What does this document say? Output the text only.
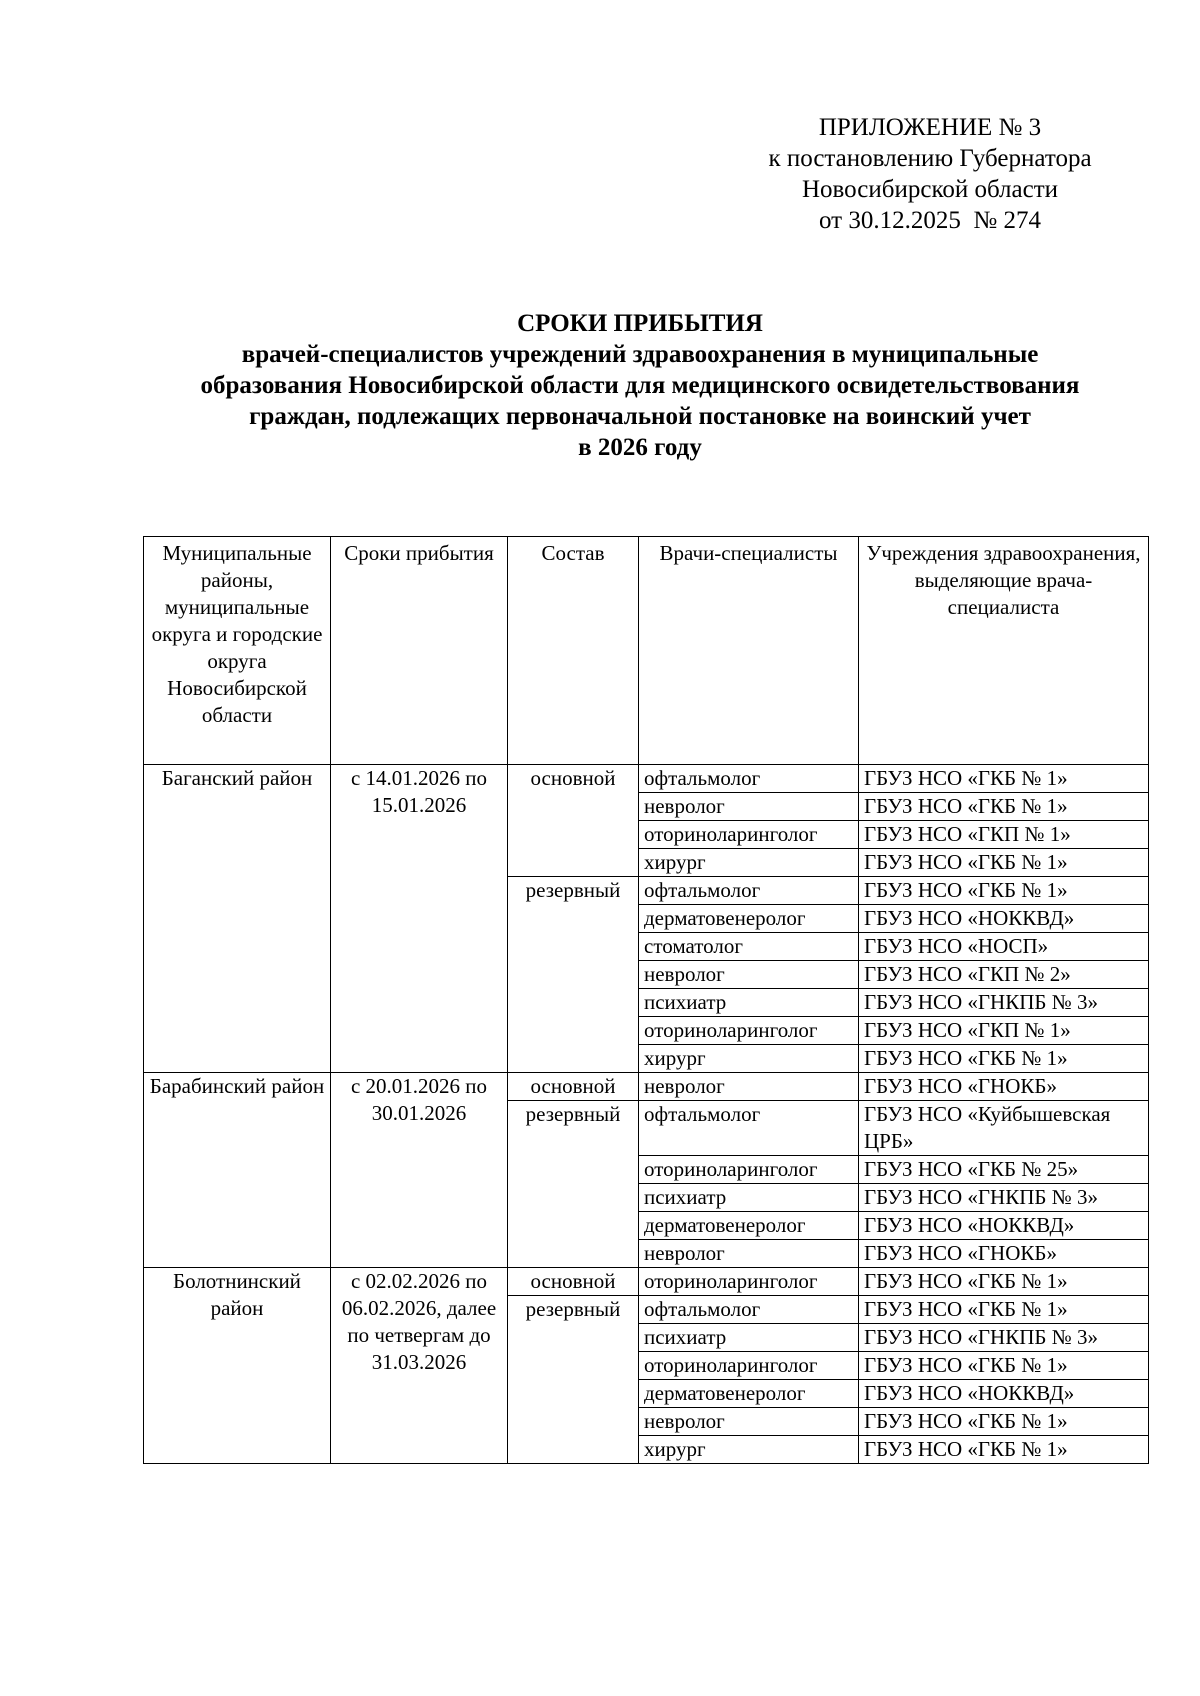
ПРИЛОЖЕНИЕ № 3
к постановлению Губернатора
Новосибирской области
от 30.12.2025  № 274
СРОКИ ПРИБЫТИЯ
врачей-специалистов учреждений здравоохранения в муниципальные
образования Новосибирской области для медицинского освидетельствования
граждан, подлежащих первоначальной постановке на воинский учет
в 2026 году
Муниципальные районы, муниципальные округа и городские округа Новосибирской области	Сроки прибытия	Состав	Врачи-специалисты	Учреждения здравоохранения, выделяющие врача-специалиста
Баганский район	с 14.01.2026 по 15.01.2026	основной	офтальмолог	ГБУЗ НСО «ГКБ № 1»
			невролог	ГБУЗ НСО «ГКБ № 1»
			оториноларинголог	ГБУЗ НСО «ГКП № 1»
			хирург	ГБУЗ НСО «ГКБ № 1»
		резервный	офтальмолог	ГБУЗ НСО «ГКБ № 1»
			дерматовенеролог	ГБУЗ НСО «НОККВД»
			стоматолог	ГБУЗ НСО «НОСП»
			невролог	ГБУЗ НСО «ГКП № 2»
			психиатр	ГБУЗ НСО «ГНКПБ № 3»
			оториноларинголог	ГБУЗ НСО «ГКП № 1»
			хирург	ГБУЗ НСО «ГКБ № 1»
Барабинский район	с 20.01.2026 по 30.01.2026	основной	невролог	ГБУЗ НСО «ГНОКБ»
		резервный	офтальмолог	ГБУЗ НСО «Куйбышевская ЦРБ»
			оториноларинголог	ГБУЗ НСО «ГКБ № 25»
			психиатр	ГБУЗ НСО «ГНКПБ № 3»
			дерматовенеролог	ГБУЗ НСО «НОККВД»
			невролог	ГБУЗ НСО «ГНОКБ»
Болотнинский район	с 02.02.2026 по 06.02.2026, далее по четвергам до 31.03.2026	основной	оториноларинголог	ГБУЗ НСО «ГКБ № 1»
		резервный	офтальмолог	ГБУЗ НСО «ГКБ № 1»
			психиатр	ГБУЗ НСО «ГНКПБ № 3»
			оториноларинголог	ГБУЗ НСО «ГКБ № 1»
			дерматовенеролог	ГБУЗ НСО «НОККВД»
			невролог	ГБУЗ НСО «ГКБ № 1»
			хирург	ГБУЗ НСО «ГКБ № 1»
